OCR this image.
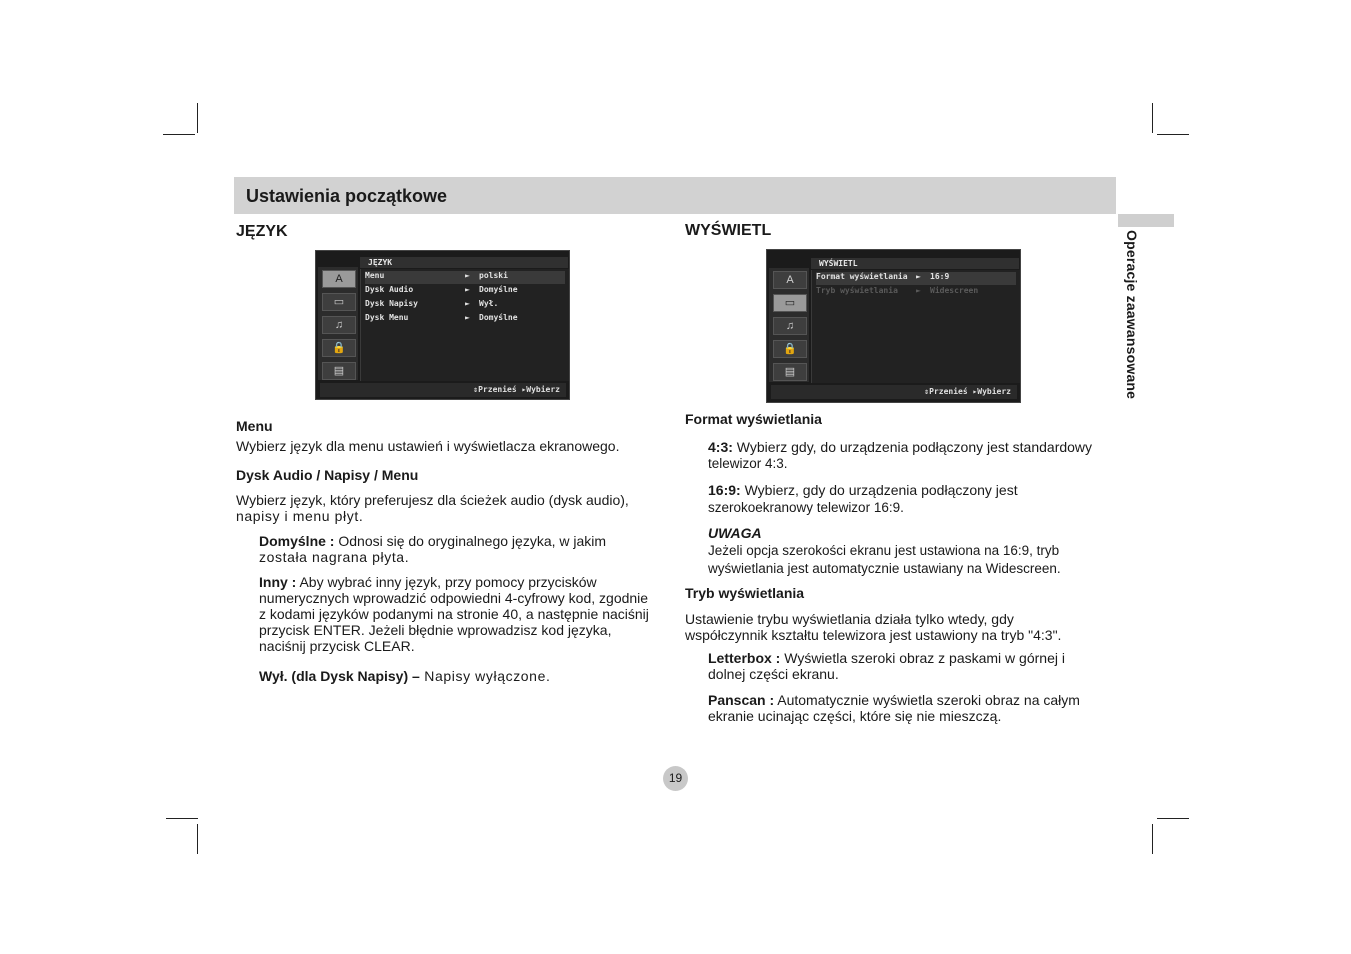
Ustawienia początkowe
Operacje zaawansowane
JĘZYK
JĘZYK
A
▭
♫
🔒
▤
Menu	► polski
Dysk Audio	► Domyślne
Dysk Napisy	► Wył.
Dysk Menu	► Domyślne
⇕Przenieś ▸Wybierz
Menu
Wybierz język dla menu ustawień i wyświetlacza ekranowego.
Dysk Audio / Napisy / Menu
Wybierz język, który preferujesz dla ścieżek audio (dysk audio),
napisy i menu płyt.
Domyślne : Odnosi się do oryginalnego języka, w jakim
została nagrana płyta.
Inny : Aby wybrać inny język, przy pomocy przycisków
numerycznych wprowadzić odpowiedni 4-cyfrowy kod, zgodnie
z kodami języków podanymi na stronie 40, a następnie naciśnij
przycisk ENTER. Jeżeli błędnie wprowadzisz kod języka,
naciśnij przycisk CLEAR.
Wył. (dla Dysk Napisy) – Napisy wyłączone.
WYŚWIETL
WYŚWIETL
A
▭
♫
🔒
▤
Format wyświetlania ► 16:9
Tryb wyświetlania ► Widescreen
⇕Przenieś ▸Wybierz
Format wyświetlania
4:3: Wybierz gdy, do urządzenia podłączony jest standardowy
telewizor 4:3.
16:9: Wybierz, gdy do urządzenia podłączony jest
szerokoekranowy telewizor 16:9.
UWAGA
Jeżeli opcja szerokości ekranu jest ustawiona na 16:9, tryb
wyświetlania jest automatycznie ustawiany na Widescreen.
Tryb wyświetlania
Ustawienie trybu wyświetlania działa tylko wtedy, gdy
współczynnik kształtu telewizora jest ustawiony na tryb "4:3".
Letterbox : Wyświetla szeroki obraz z paskami w górnej i
dolnej części ekranu.
Panscan : Automatycznie wyświetla szeroki obraz na całym
ekranie ucinając części, które się nie mieszczą.
19
